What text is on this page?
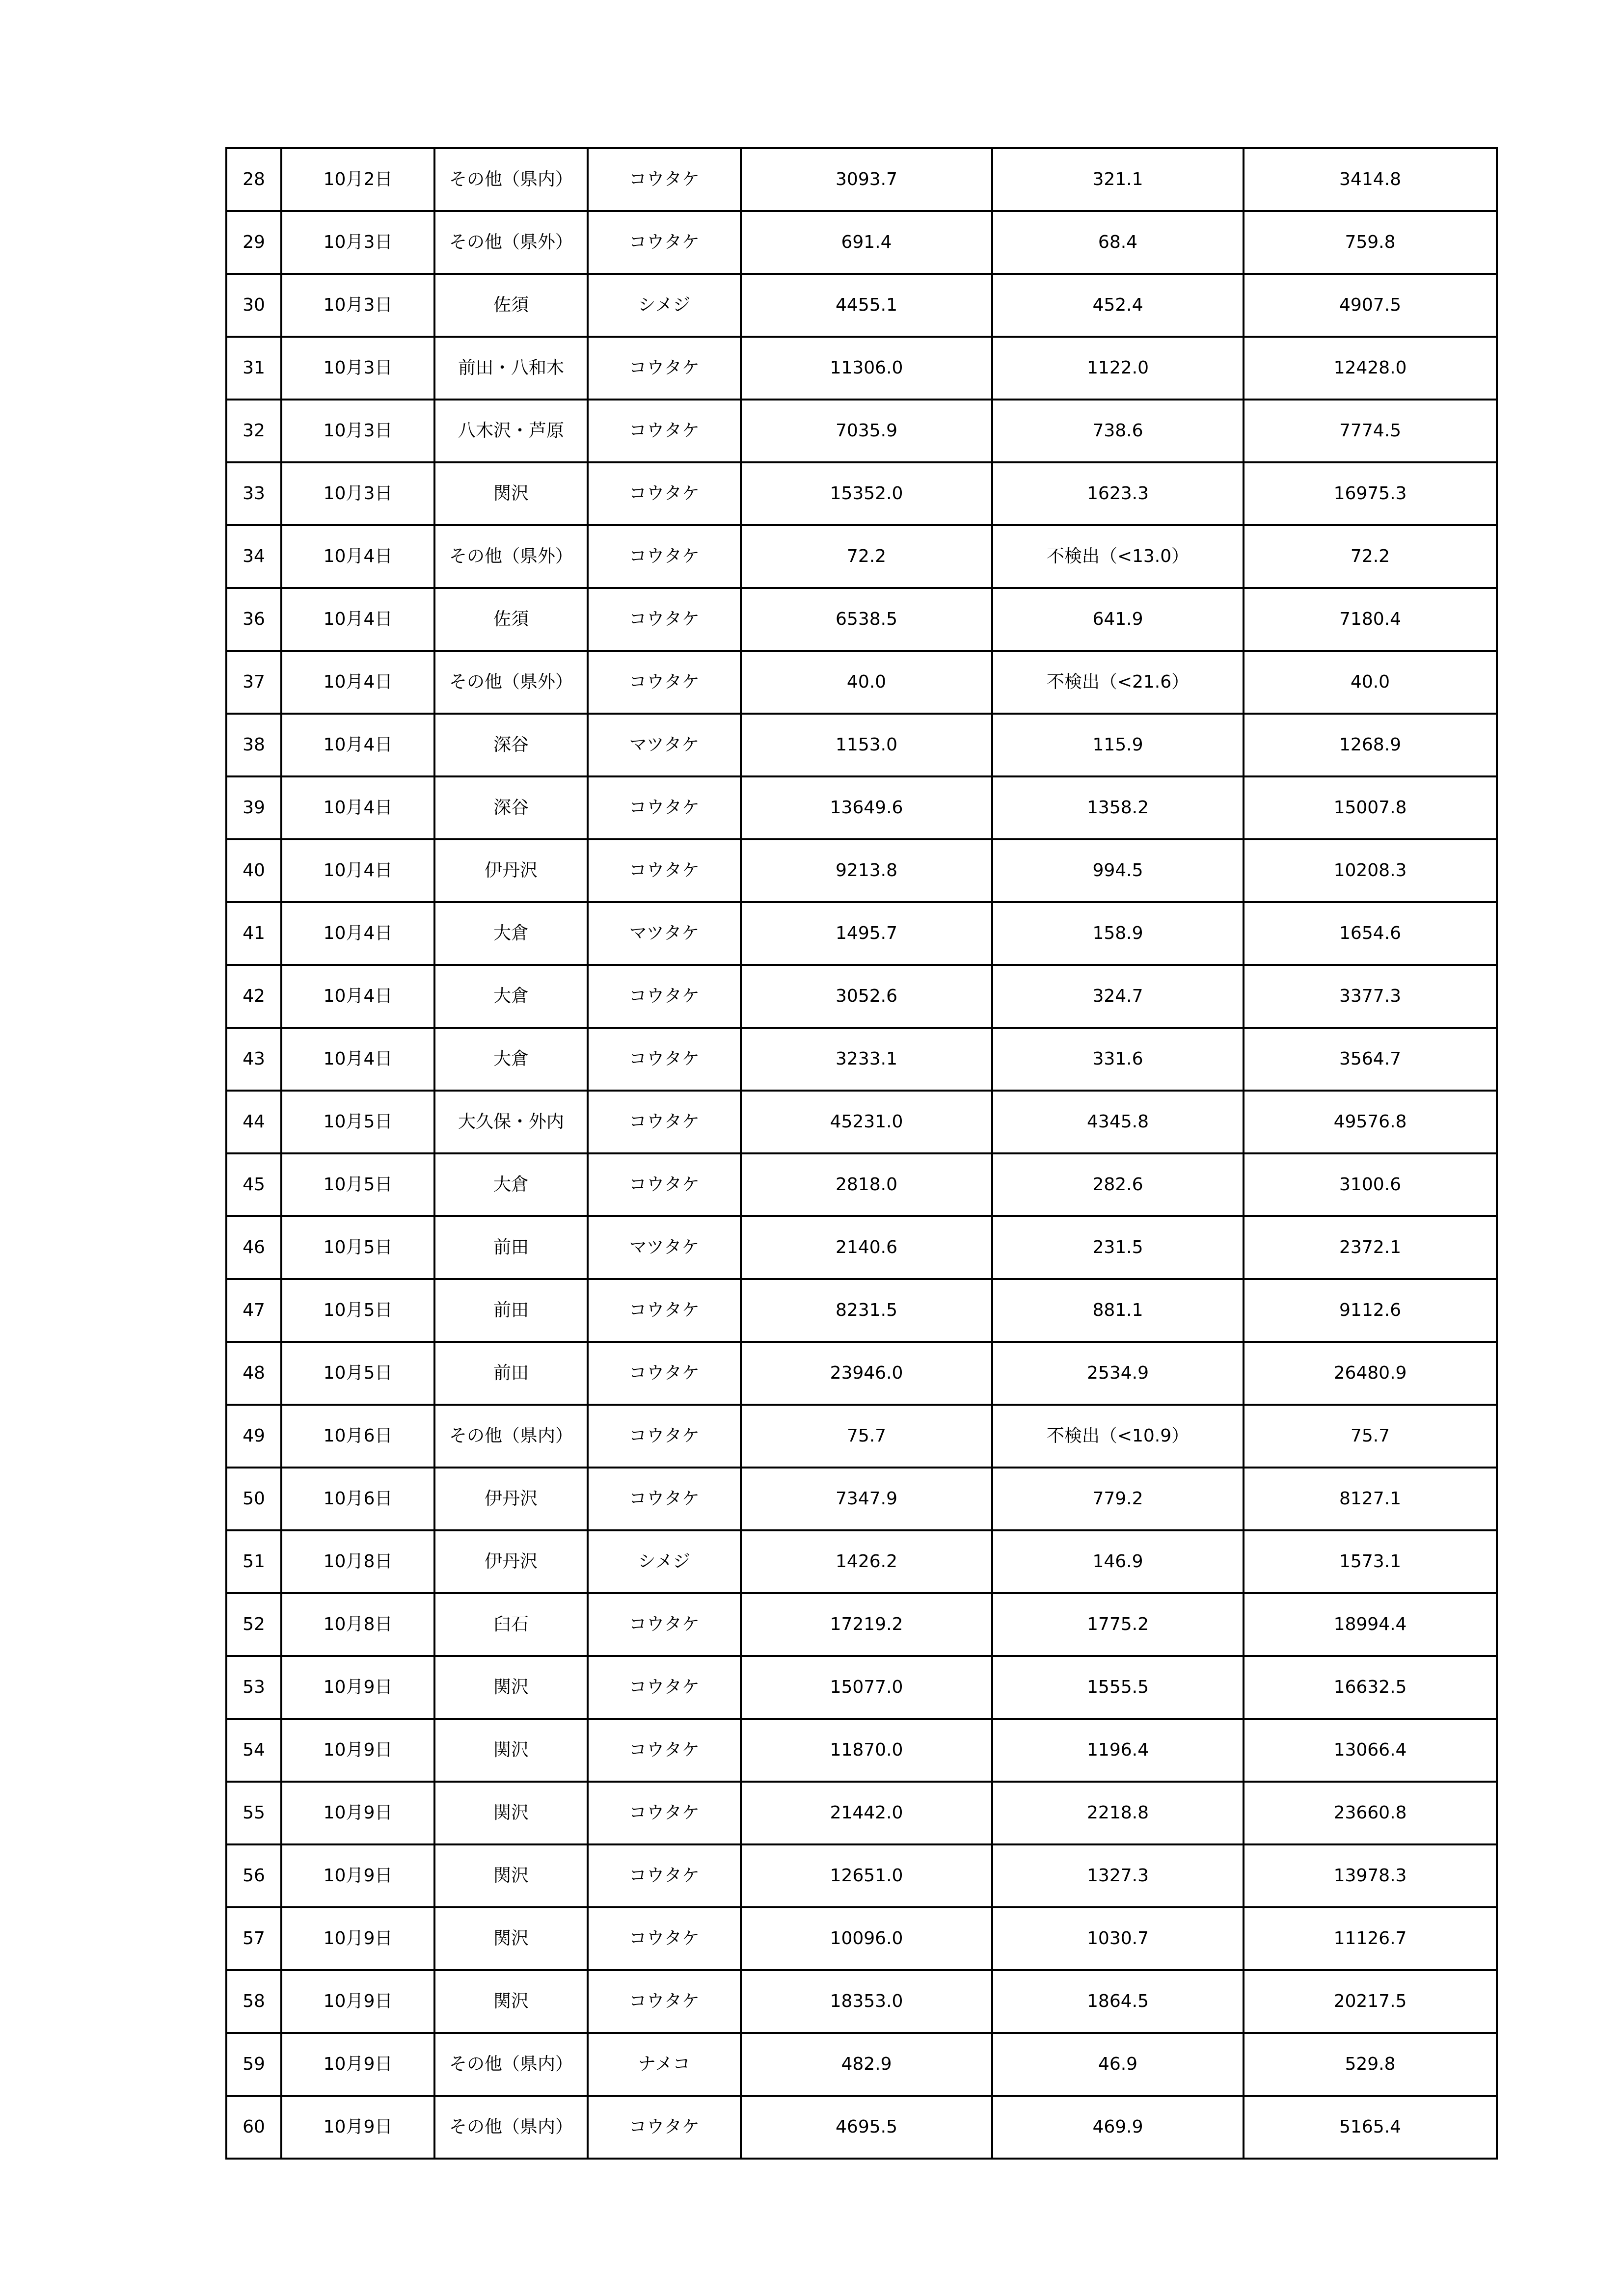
28	10月2日	その他（県内）	コウタケ	3093.7	321.1	3414.8
29	10月3日	その他（県外）	コウタケ	691.4	68.4	759.8
30	10月3日	佐須	シメジ	4455.1	452.4	4907.5
31	10月3日	前田・八和木	コウタケ	11306.0	1122.0	12428.0
32	10月3日	八木沢・芦原	コウタケ	7035.9	738.6	7774.5
33	10月3日	関沢	コウタケ	15352.0	1623.3	16975.3
34	10月4日	その他（県外）	コウタケ	72.2	不検出（<13.0）	72.2
36	10月4日	佐須	コウタケ	6538.5	641.9	7180.4
37	10月4日	その他（県外）	コウタケ	40.0	不検出（<21.6）	40.0
38	10月4日	深谷	マツタケ	1153.0	115.9	1268.9
39	10月4日	深谷	コウタケ	13649.6	1358.2	15007.8
40	10月4日	伊丹沢	コウタケ	9213.8	994.5	10208.3
41	10月4日	大倉	マツタケ	1495.7	158.9	1654.6
42	10月4日	大倉	コウタケ	3052.6	324.7	3377.3
43	10月4日	大倉	コウタケ	3233.1	331.6	3564.7
44	10月5日	大久保・外内	コウタケ	45231.0	4345.8	49576.8
45	10月5日	大倉	コウタケ	2818.0	282.6	3100.6
46	10月5日	前田	マツタケ	2140.6	231.5	2372.1
47	10月5日	前田	コウタケ	8231.5	881.1	9112.6
48	10月5日	前田	コウタケ	23946.0	2534.9	26480.9
49	10月6日	その他（県内）	コウタケ	75.7	不検出（<10.9）	75.7
50	10月6日	伊丹沢	コウタケ	7347.9	779.2	8127.1
51	10月8日	伊丹沢	シメジ	1426.2	146.9	1573.1
52	10月8日	臼石	コウタケ	17219.2	1775.2	18994.4
53	10月9日	関沢	コウタケ	15077.0	1555.5	16632.5
54	10月9日	関沢	コウタケ	11870.0	1196.4	13066.4
55	10月9日	関沢	コウタケ	21442.0	2218.8	23660.8
56	10月9日	関沢	コウタケ	12651.0	1327.3	13978.3
57	10月9日	関沢	コウタケ	10096.0	1030.7	11126.7
58	10月9日	関沢	コウタケ	18353.0	1864.5	20217.5
59	10月9日	その他（県内）	ナメコ	482.9	46.9	529.8
60	10月9日	その他（県内）	コウタケ	4695.5	469.9	5165.4
